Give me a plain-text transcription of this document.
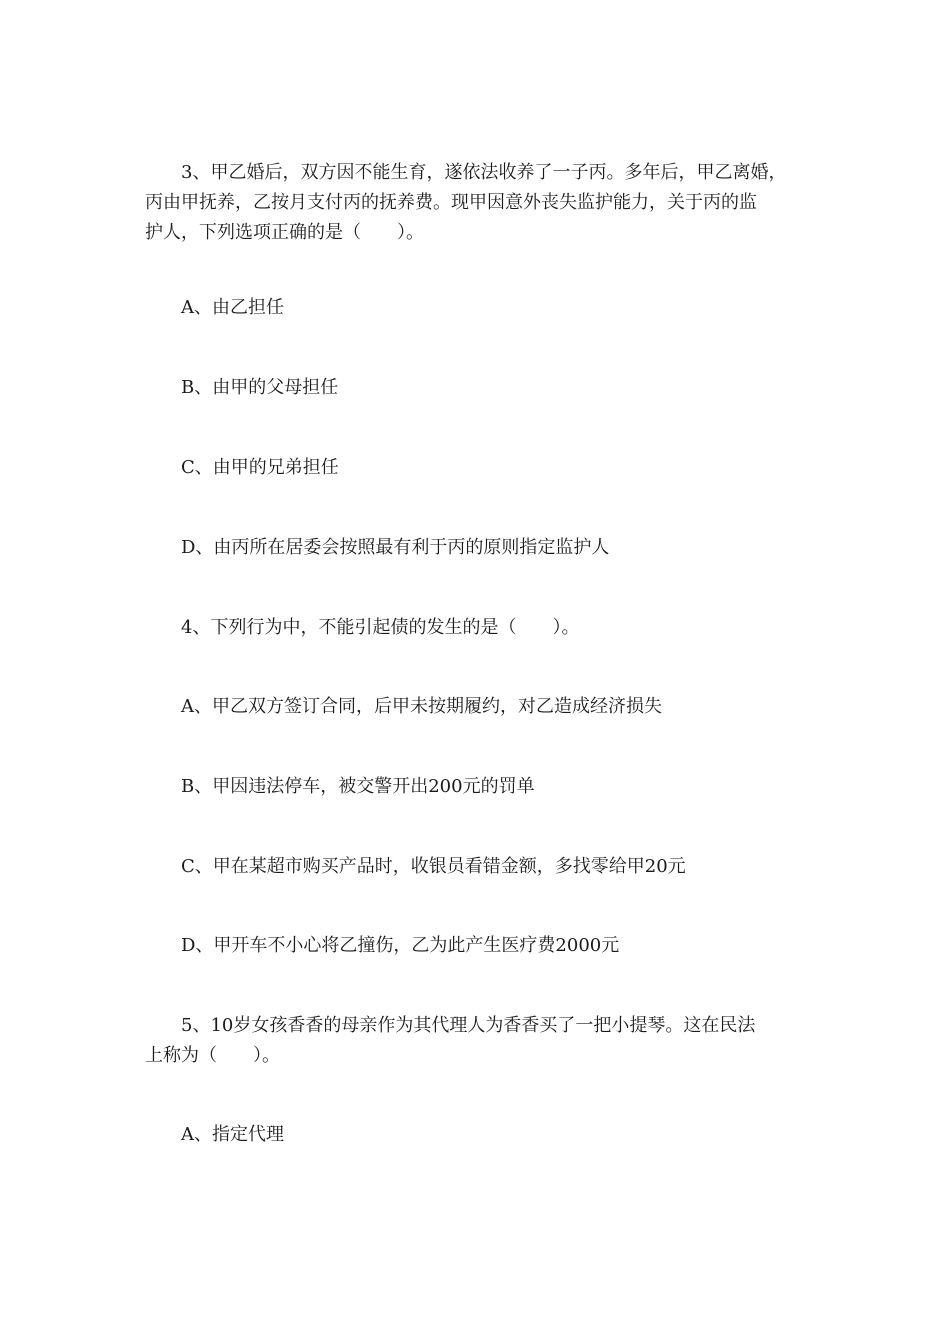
3、甲乙婚后，双方因不能生育，遂依法收养了一子丙。多年后，甲乙离婚，
丙由甲抚养，乙按月支付丙的抚养费。现甲因意外丧失监护能力，关于丙的监
护人，下列选项正确的是（　　）。
A、由乙担任
B、由甲的父母担任
C、由甲的兄弟担任
D、由丙所在居委会按照最有利于丙的原则指定监护人
4、下列行为中，不能引起债的发生的是（　　）。
A、甲乙双方签订合同，后甲未按期履约，对乙造成经济损失
B、甲因违法停车，被交警开出200元的罚单
C、甲在某超市购买产品时，收银员看错金额，多找零给甲20元
D、甲开车不小心将乙撞伤，乙为此产生医疗费2000元
5、10岁女孩香香的母亲作为其代理人为香香买了一把小提琴。这在民法
上称为（　　）。
A、指定代理
